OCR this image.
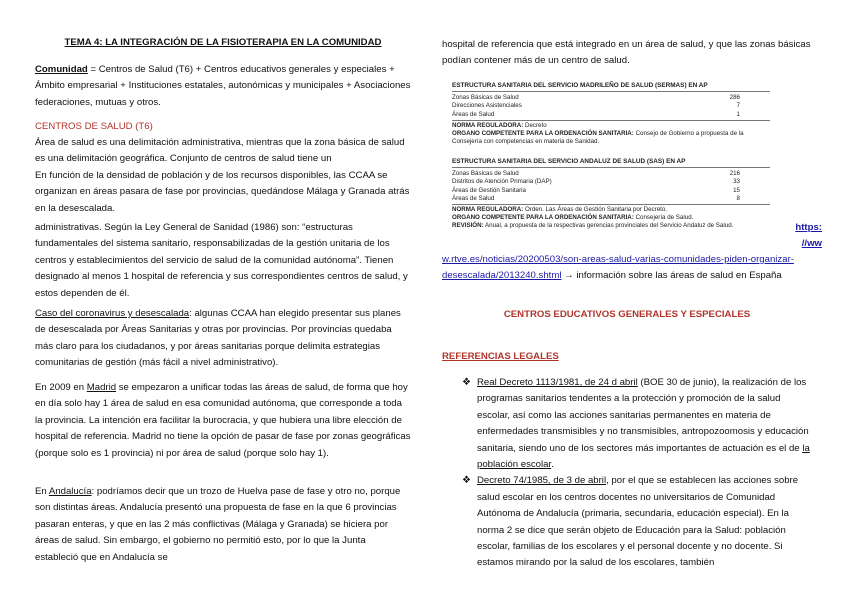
TEMA 4: LA INTEGRACIÓN DE LA FISIOTERAPIA EN LA COMUNIDAD

Comunidad = Centros de Salud (T6) + Centros educativos generales y especiales + Ámbito empresarial + Instituciones estatales, autonómicas y municipales + Asociaciones federaciones, mutuas y otros.

CENTROS DE SALUD (T6)

Área de salud es una delimitación administrativa, mientras que la zona básica de salud es una delimitación geográfica. Conjunto de centros de salud tiene un

En función de la densidad de población y de los recursos disponibles, las CCAA se organizan en áreas pasara de fase por provincias, quedándose Málaga y Granada atrás en la desescalada.

administrativas. Según la Ley General de Sanidad (1986) son: “estructuras fundamentales del sistema sanitario, responsabilizadas de la gestión unitaria de los centros y establecimientos del servicio de salud de la comunidad autónoma”. Tienen designado al menos 1 hospital de referencia y sus correspondientes centros de salud, y estos dependen de él.

Caso del coronavirus y desescalada: algunas CCAA han elegido presentar sus planes de desescalada por Áreas Sanitarias y otras por provincias. Por provincias quedaba más claro para los ciudadanos, y por áreas sanitarias porque delimita estrategias comunitarias de gestión (más fácil a nivel administrativo).

En 2009 en Madrid se empezaron a unificar todas las áreas de salud, de forma que hoy en día solo hay 1 área de salud en esa comunidad autónoma, que corresponde a toda la provincia. La intención era facilitar la burocracia, y que hubiera una libre elección de hospital de referencia. Madrid no tiene la opción de pasar de fase por zonas geográficas (porque solo es 1 provincia) ni por área de salud (porque solo hay 1).

En Andalucía: podríamos decir que un trozo de Huelva pase de fase y otro no, porque son distintas áreas. Andalucía presentó una propuesta de fase en la que 6 provincias pasaran enteras, y que en las 2 más conflictivas (Málaga y Granada) se hiciera por áreas de salud. Sin embargo, el gobierno no permitió esto, por lo que la Junta estableció que en Andalucía se

hospital de referencia que está integrado en un área de salud, y que las zonas básicas podían contener más de un centro de salud.
ESTRUCTURA SANITARIA DEL SERVICIO MADRILEÑO DE SALUD (SERMAS) EN AP
Zonas Básicas de Salud	286
Direcciones Asistenciales	7
Áreas de Salud	1
NORMA REGULADORA: Decreto
ORGANO COMPETENTE PARA LA ORDENACIÓN SANITARIA: Consejo de Gobierno a propuesta de la Consejería con competencias en materia de Sanidad.
ESTRUCTURA SANITARIA DEL SERVICIO ANDALUZ DE SALUD (SAS) EN AP
Zonas Básicas de Salud	216
Distritos de Atención Primaria (DAP)	33
Áreas de Gestión Sanitaria	15
Áreas de Salud	8
NORMA REGULADORA: Orden. Las Áreas de Gestión Sanitaria por Decreto.
ORGANO COMPETENTE PARA LA ORDENACIÓN SANITARIA: Consejería de Salud.
REVISIÓN: Anual, a propuesta de la respectivas gerencias provinciales del Servicio Andaluz de Salud.	https:
//ww

w.rtve.es/noticias/20200503/son-areas-salud-varias-comunidades-piden-organizar-desescalada/2013240.shtml → información sobre las áreas de salud en España

CENTROS EDUCATIVOS GENERALES Y ESPECIALES
REFERENCIAS LEGALES
❖ Real Decreto 1113/1981, de 24 d abril (BOE 30 de junio), la realización de los programas sanitarios tendentes a la protección y promoción de la salud escolar, así como las acciones sanitarias permanentes en materia de enfermedades transmisibles y no transmisibles, antropozoomosis y educación sanitaria, siendo uno de los sectores más importantes de actuación es el de la población escolar.
❖ Decreto 74/1985, de 3 de abril, por el que se establecen las acciones sobre salud escolar en los centros docentes no universitarios de Comunidad Autónoma de Andalucía (primaria, secundaria, educación especial). En la norma 2 se dice que serán objeto de Educación para la Salud: población escolar, familias de los escolares y el personal docente y no docente. Si estamos mirando por la salud de los escolares, también
